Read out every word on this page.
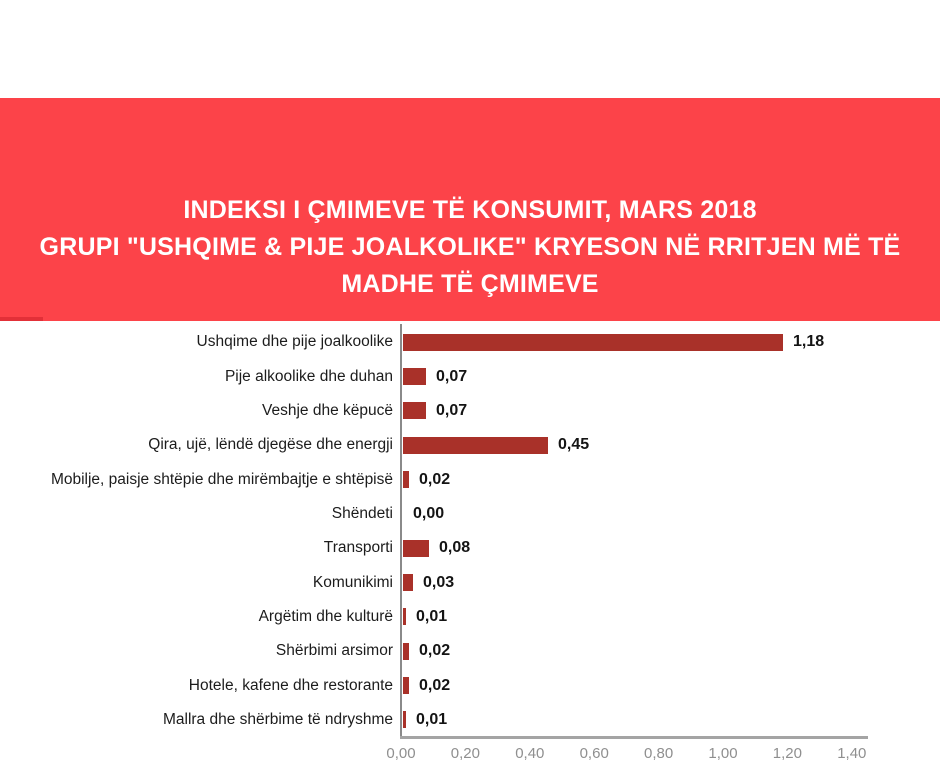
INDEKSI I ÇMIMEVE TË KONSUMIT, MARS 2018
GRUPI "USHQIME & PIJE JOALKOLIKE" KRYESON NË RRITJEN MË TË
MADHE TË ÇMIMEVE
Ushqime dhe pije joalkoolike	1,18
Pije alkoolike dhe duhan	0,07
Veshje dhe këpucë	0,07
Qira, ujë, lëndë djegëse dhe energji	0,45
Mobilje, paisje shtëpie dhe mirëmbajtje e shtëpisë 0,02
Shëndeti 0,00
Transporti	0,08
Komunikimi 0,03
Argëtim dhe kulturë 0,01
Shërbimi arsimor 0,02
Hotele, kafene dhe restorante 0,02
Mallra dhe shërbime të ndryshme 0,01
0,00 0,20 0,40 0,60 0,80 1,00 1,20 1,40
